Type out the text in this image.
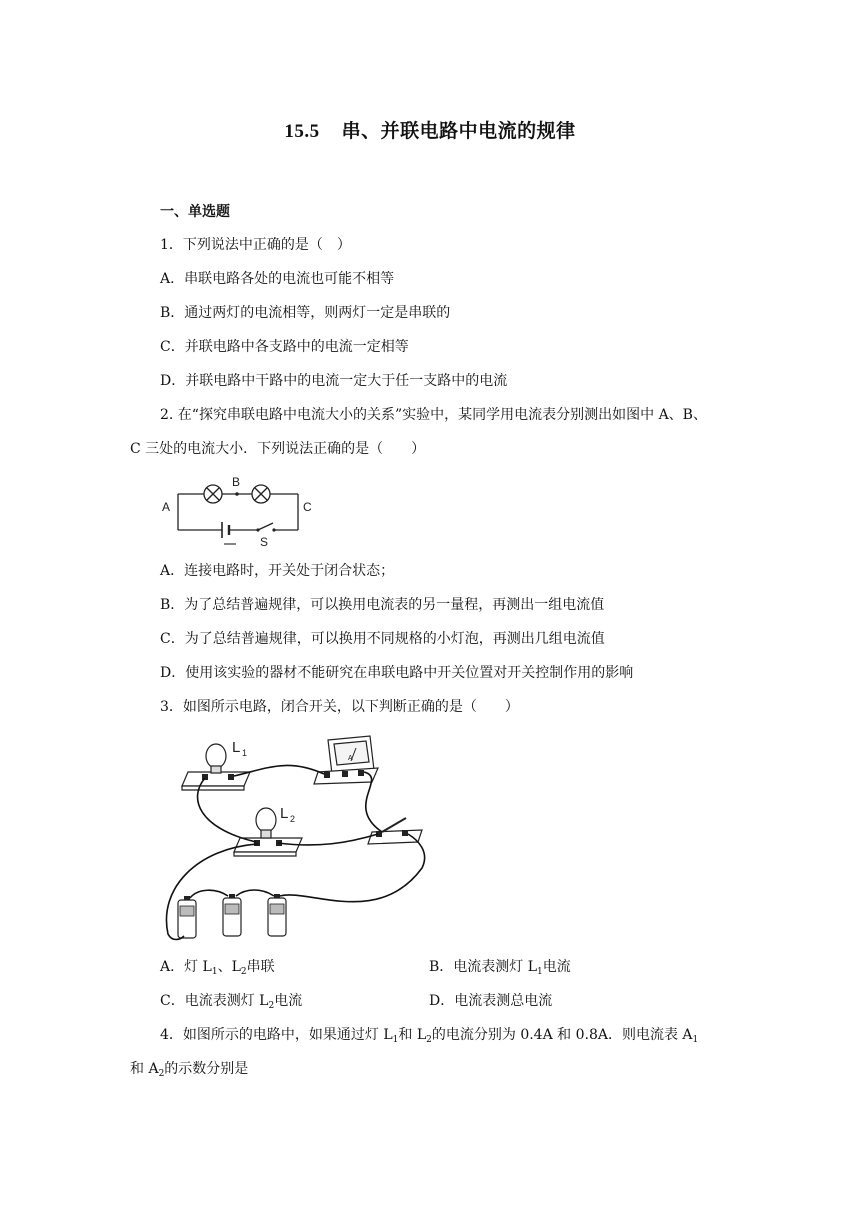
15.5 串、并联电路中电流的规律
一、单选题
1．下列说法中正确的是（　）
A．串联电路各处的电流也可能不相等
B．通过两灯的电流相等，则两灯一定是串联的
C．并联电路中各支路中的电流一定相等
D．并联电路中干路中的电流一定大于任一支路中的电流
2. 在“探究串联电路中电流大小的关系”实验中，某同学用电流表分别测出如图中 A、B、
C 三处的电流大小．下列说法正确的是（　　）
A
B
C
S
A．连接电路时，开关处于闭合状态；
B．为了总结普遍规律，可以换用电流表的另一量程，再测出一组电流值
C．为了总结普遍规律，可以换用不同规格的小灯泡，再测出几组电流值
D．使用该实验的器材不能研究在串联电路中开关位置对开关控制作用的影响
3．如图所示电路，闭合开关，以下判断正确的是（　　）
A
L 1
L 2
A．灯 $L_1$、$L_2$串联	B．电流表测灯 $L_1$电流
C．电流表测灯 $L_2$电流	D．电流表测总电流
4．如图所示的电路中，如果通过灯 $L_1$和 $L_2$的电流分别为 0.4A 和 0.8A．则电流表 $A_1$
和 $A_2$的示数分别是
